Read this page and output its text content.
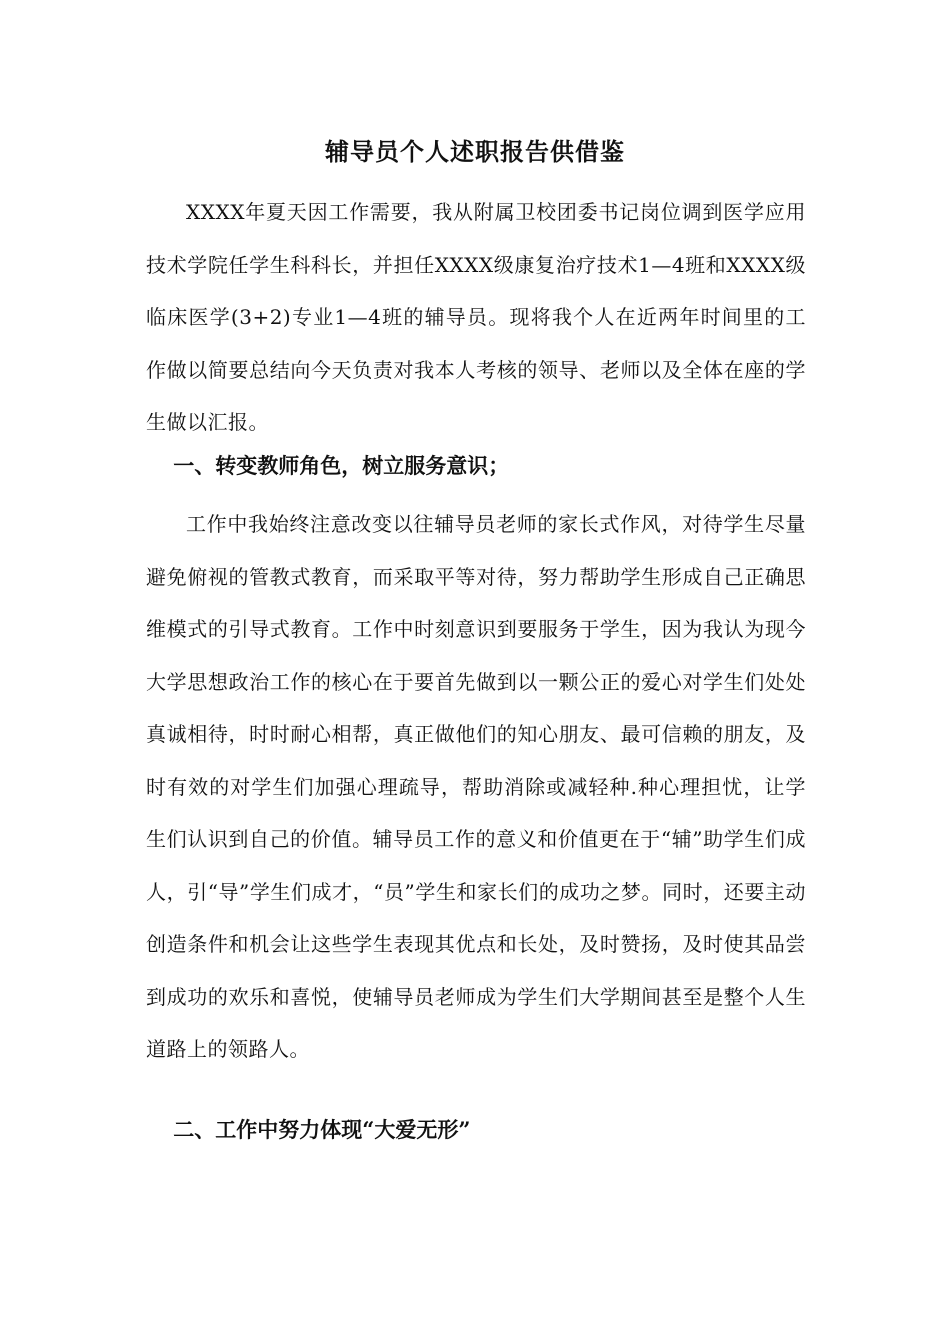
辅导员个人述职报告供借鉴
XXXX年夏天因工作需要，我从附属卫校团委书记岗位调到医学应用技术学院任学生科科长，并担任XXXX级康复治疗技术1—4班和XXXX级临床医学(3+2)专业1—4班的辅导员。现将我个人在近两年时间里的工作做以简要总结向今天负责对我本人考核的领导、老师以及全体在座的学生做以汇报。
一、转变教师角色，树立服务意识；
工作中我始终注意改变以往辅导员老师的家长式作风，对待学生尽量避免俯视的管教式教育，而采取平等对待，努力帮助学生形成自己正确思维模式的引导式教育。工作中时刻意识到要服务于学生，因为我认为现今大学思想政治工作的核心在于要首先做到以一颗公正的爱心对学生们处处真诚相待，时时耐心相帮，真正做他们的知心朋友、最可信赖的朋友，及时有效的对学生们加强心理疏导，帮助消除或减轻种.种心理担忧，让学生们认识到自己的价值。辅导员工作的意义和价值更在于“辅”助学生们成人，引“导”学生们成才，“员”学生和家长们的成功之梦。同时，还要主动创造条件和机会让这些学生表现其优点和长处，及时赞扬，及时使其品尝到成功的欢乐和喜悦，使辅导员老师成为学生们大学期间甚至是整个人生道路上的领路人。
二、工作中努力体现“大爱无形”
